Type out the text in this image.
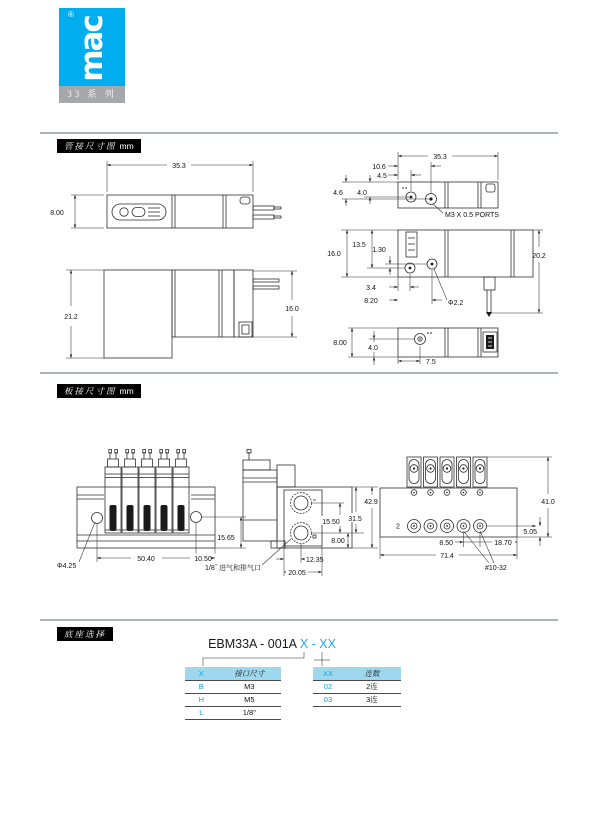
®
mac
33 系 列
管接尺寸图 mm
板接尺寸图 mm
底座选择
35.3
8.00
21.2
16.0
35.3
10.6
4.5
4.6 4.0
M3 X 0.5 PORTS
16.0
13.5
1.30
20.2
3.4
8.20	Φ2.2
8.00
4.0
7.5
Φ4.25
50.40	10.50
15.65
1/8˝ 进气和排气口
15.50 31.5
42.9
8.00
12.35
20.05
2
5.05
41.0
8.50	18.70
71.4
#10-32
EBM33A - 001A X - XX
X	接口尺寸
B	M3
H	M5
L	1/8"
XX	连数
02	2连
03	3连
